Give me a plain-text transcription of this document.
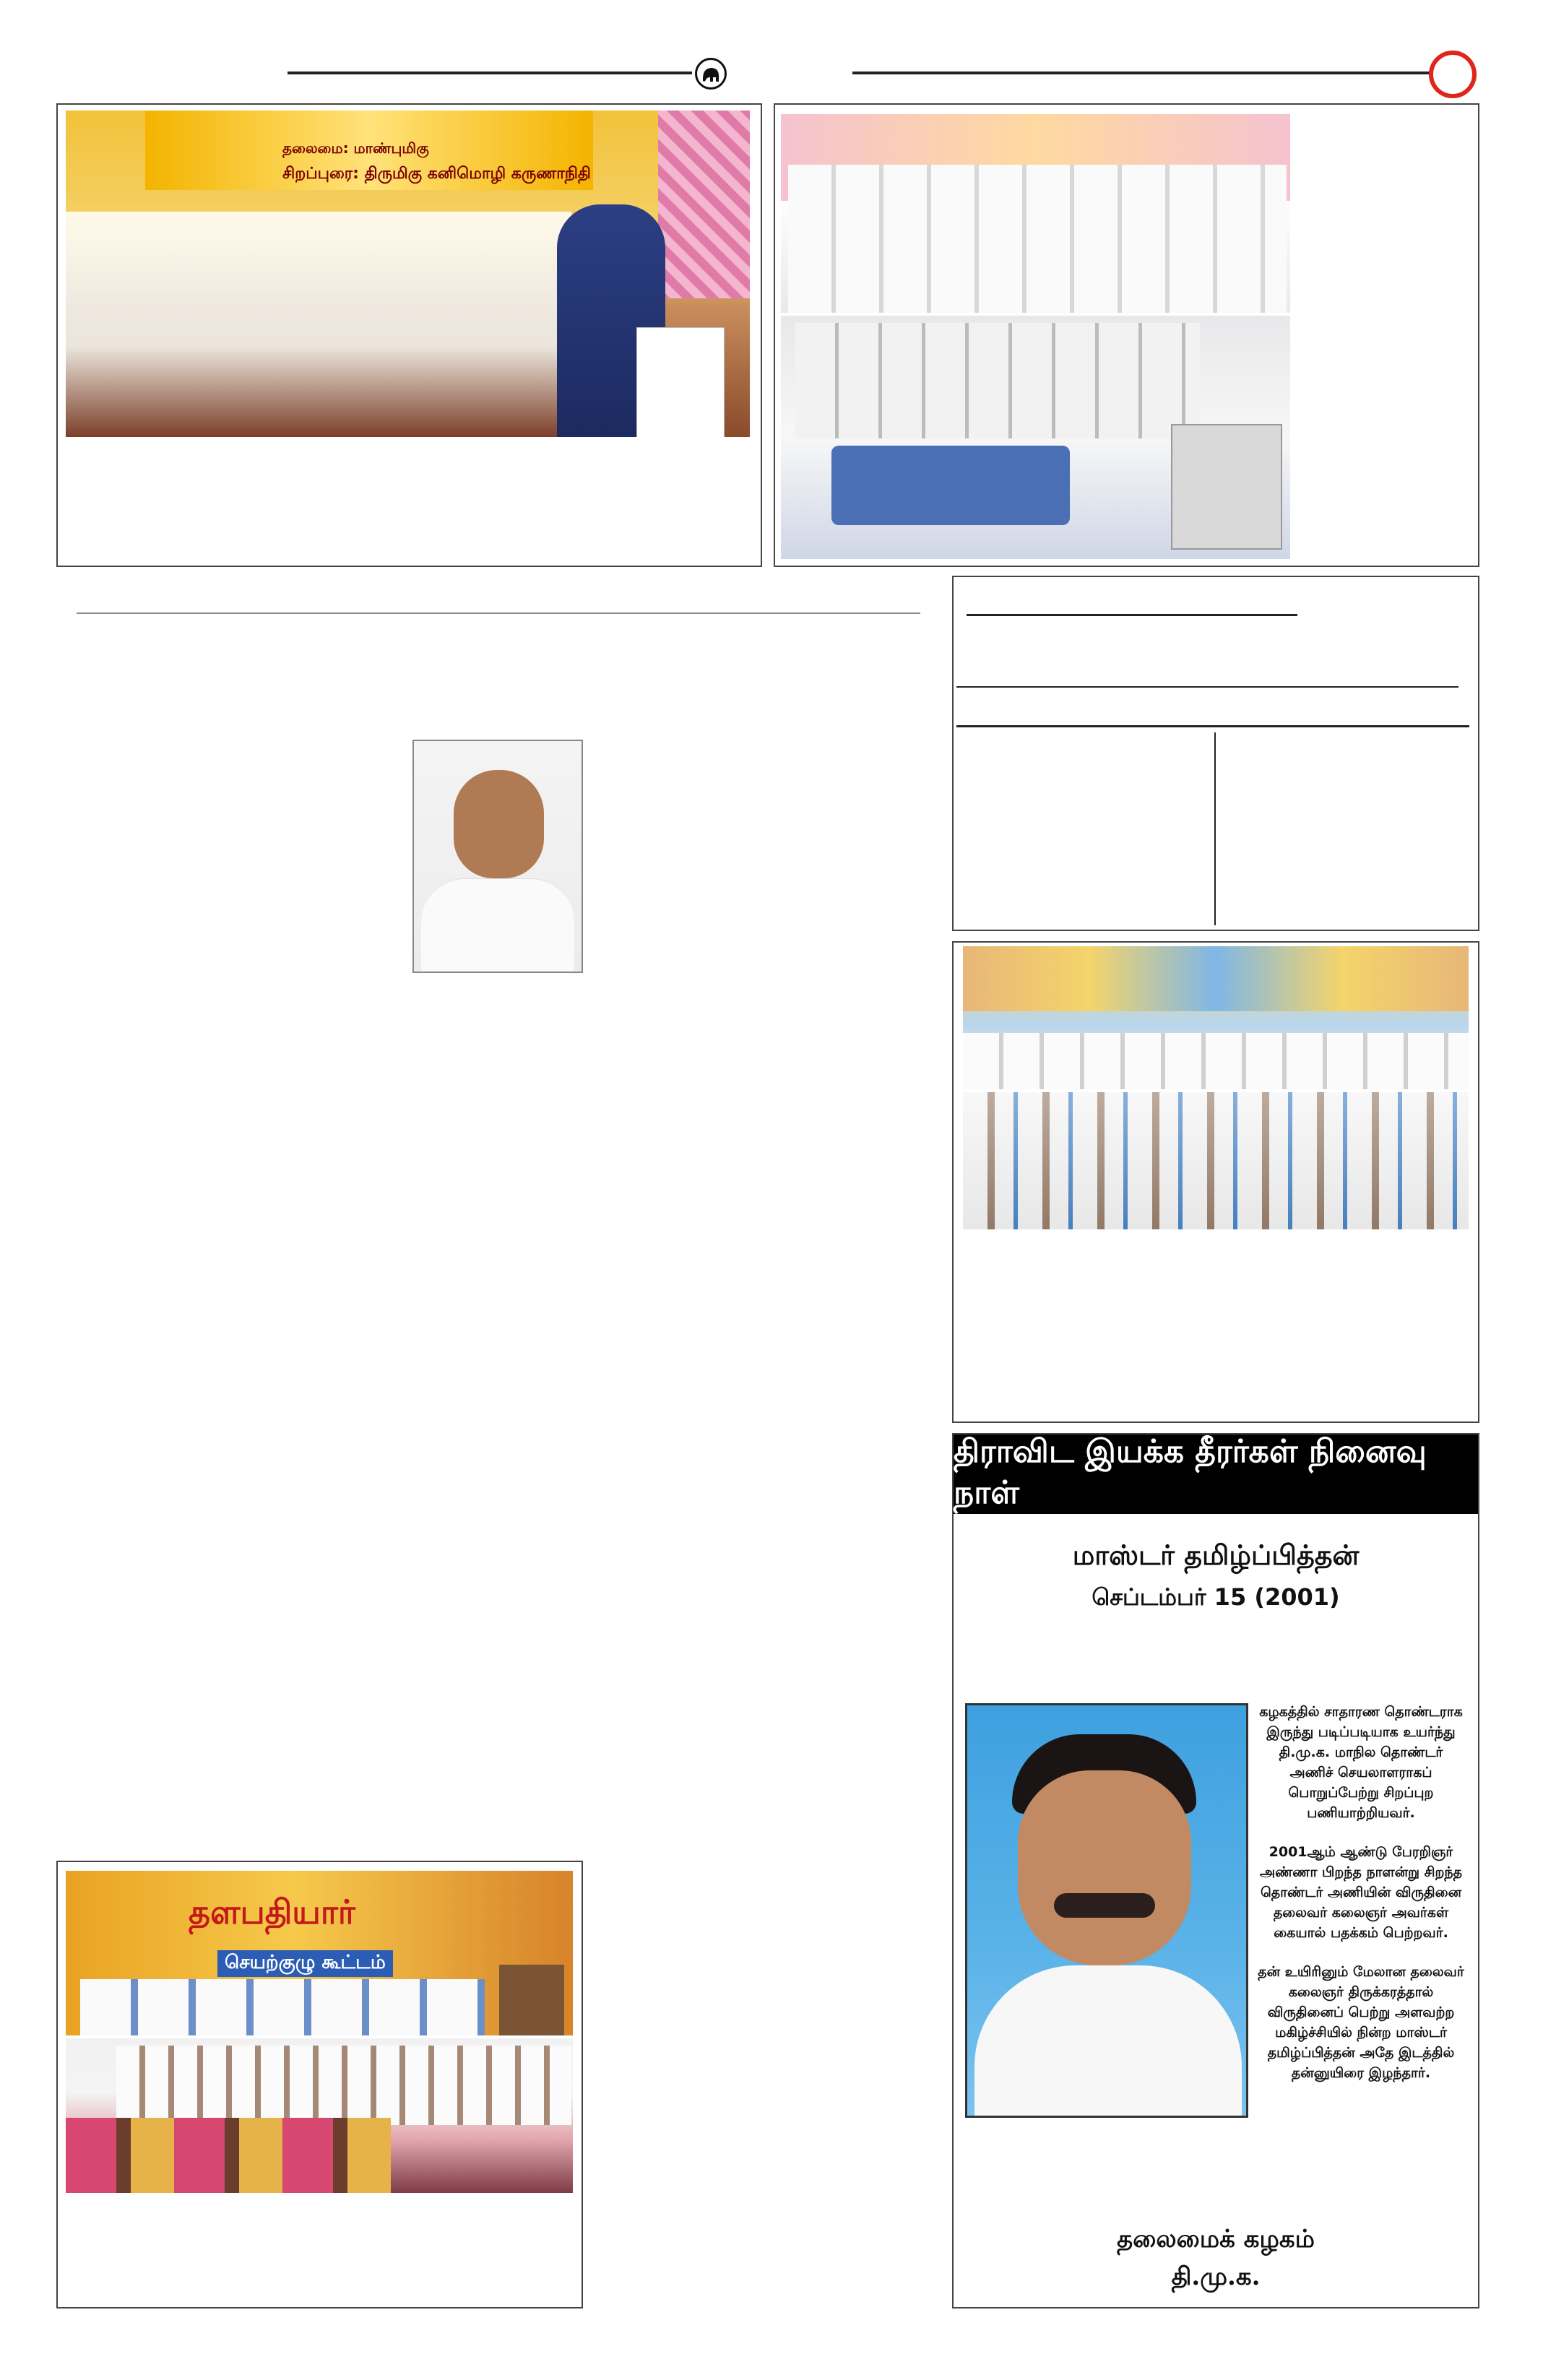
தலைமை: மாண்புமிகு
சிறப்புரை: திருமிகு கனிமொழி கருணாநிதி
திராவிட இயக்க தீரர்கள் நினைவு நாள்
மாஸ்டர் தமிழ்ப்பித்தன்
செப்டம்பர் 15 (2001)

கழகத்தில் சாதாரண தொண்டராக இருந்து படிப்படியாக உயர்ந்து தி.மு.க. மாநில தொண்டர் அணிச் செயலாளராகப் பொறுப்பேற்று சிறப்புற பணியாற்றியவர்.

2001ஆம் ஆண்டு பேரறிஞர் அண்ணா பிறந்த நாளன்று சிறந்த தொண்டர் அணியின் விருதினை தலைவர் கலைஞர் அவர்கள் கையால் பதக்கம் பெற்றவர்.

தன் உயிரினும் மேலான தலைவர் கலைஞர் திருக்கரத்தால் விருதினைப் பெற்று அளவற்ற மகிழ்ச்சியில் நின்ற மாஸ்டர் தமிழ்ப்பித்தன் அதே இடத்தில் தன்னுயிரை இழந்தார்.

தலைமைக் கழகம்
தி.மு.க.
தளபதியார்
செயற்குழு கூட்டம்
